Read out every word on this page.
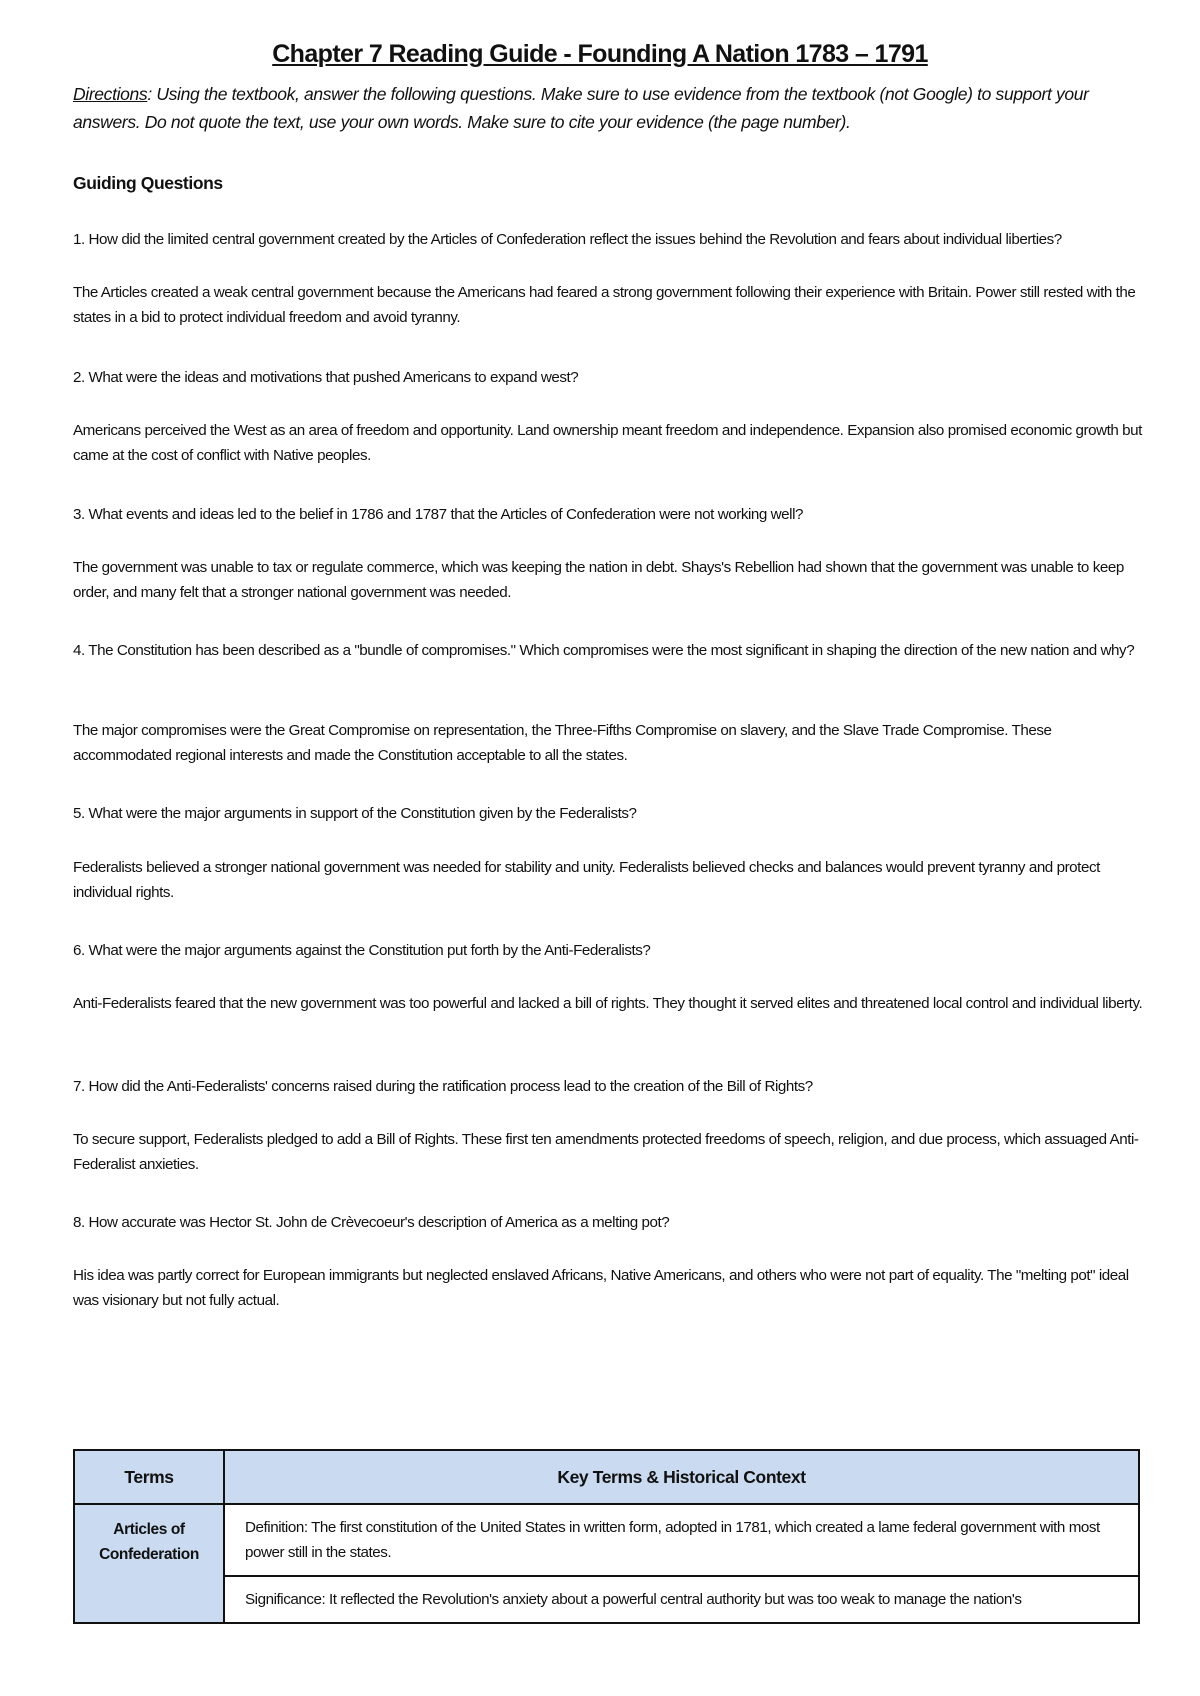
Chapter 7 Reading Guide - Founding A Nation 1783 – 1791

Directions: Using the textbook, answer the following questions. Make sure to use evidence from the textbook (not Google) to support your answers. Do not quote the text, use your own words. Make sure to cite your evidence (the page number).

Guiding Questions

1. How did the limited central government created by the Articles of Confederation reflect the issues behind the Revolution and fears about individual liberties?

The Articles created a weak central government because the Americans had feared a strong government following their experience with Britain. Power still rested with the states in a bid to protect individual freedom and avoid tyranny.

2. What were the ideas and motivations that pushed Americans to expand west?

Americans perceived the West as an area of freedom and opportunity. Land ownership meant freedom and independence. Expansion also promised economic growth but came at the cost of conflict with Native peoples.

3. What events and ideas led to the belief in 1786 and 1787 that the Articles of Confederation were not working well?

The government was unable to tax or regulate commerce, which was keeping the nation in debt. Shays's Rebellion had shown that the government was unable to keep order, and many felt that a stronger national government was needed.

4. The Constitution has been described as a "bundle of compromises." Which compromises were the most significant in shaping the direction of the new nation and why?

The major compromises were the Great Compromise on representation, the Three-Fifths Compromise on slavery, and the Slave Trade Compromise. These accommodated regional interests and made the Constitution acceptable to all the states.

5. What were the major arguments in support of the Constitution given by the Federalists?

Federalists believed a stronger national government was needed for stability and unity. Federalists believed checks and balances would prevent tyranny and protect individual rights.

6. What were the major arguments against the Constitution put forth by the Anti-Federalists?

Anti-Federalists feared that the new government was too powerful and lacked a bill of rights. They thought it served elites and threatened local control and individual liberty.

7. How did the Anti-Federalists' concerns raised during the ratification process lead to the creation of the Bill of Rights?

To secure support, Federalists pledged to add a Bill of Rights. These first ten amendments protected freedoms of speech, religion, and due process, which assuaged Anti-Federalist anxieties.

8. How accurate was Hector St. John de Crèvecoeur's description of America as a melting pot?

His idea was partly correct for European immigrants but neglected enslaved Africans, Native Americans, and others who were not part of equality. The "melting pot" ideal was visionary but not fully actual.

Terms	Key Terms & Historical Context
Articles of Confederation	Definition: The first constitution of the United States in written form, adopted in 1781, which created a lame federal government with most power still in the states.
	Significance: It reflected the Revolution's anxiety about a powerful central authority but was too weak to manage the nation's
